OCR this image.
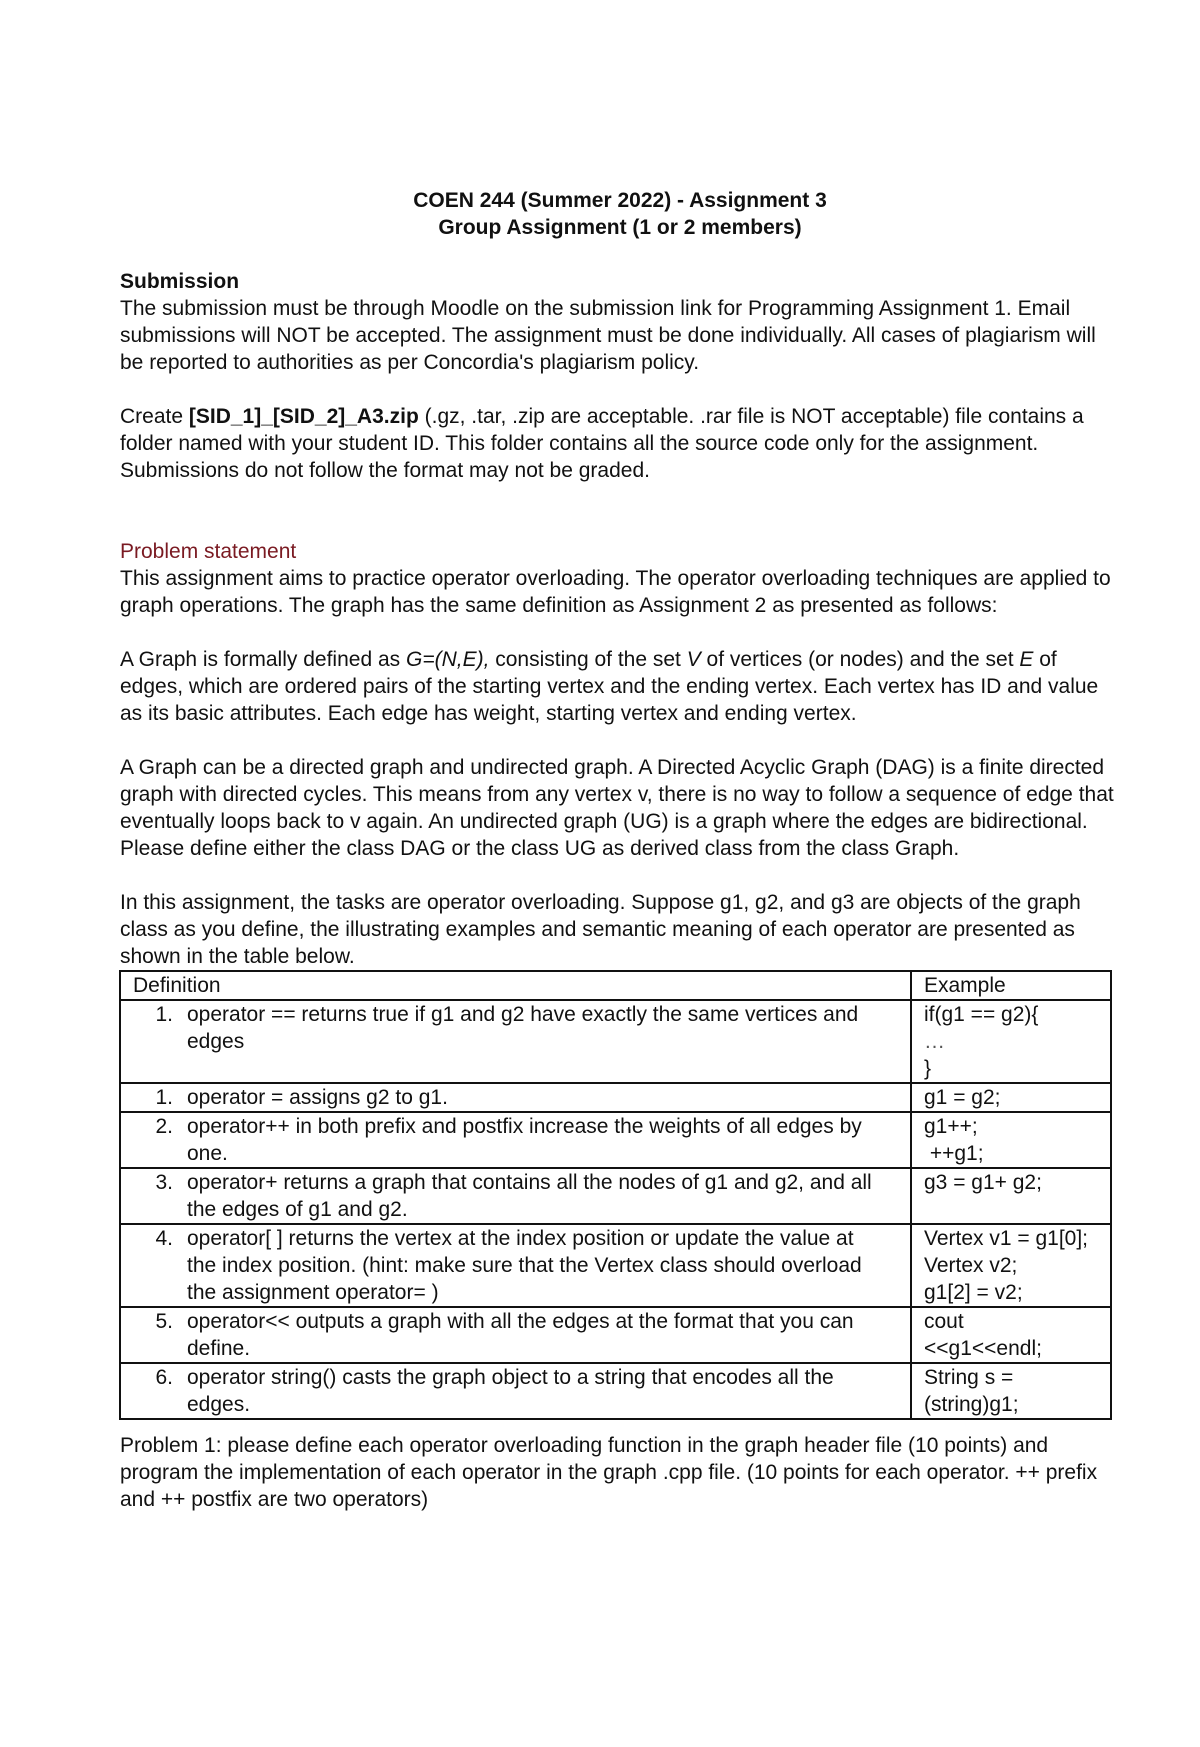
COEN 244 (Summer 2022) - Assignment 3

Group Assignment (1 or 2 members)

Submission

The submission must be through Moodle on the submission link for Programming Assignment 1. Email submissions will NOT be accepted. The assignment must be done individually. All cases of plagiarism will be reported to authorities as per Concordia's plagiarism policy.

Create [SID_1]_[SID_2]_A3.zip (.gz, .tar, .zip are acceptable. .rar file is NOT acceptable) file contains a folder named with your student ID. This folder contains all the source code only for the assignment. Submissions do not follow the format may not be graded.

Problem statement

This assignment aims to practice operator overloading. The operator overloading techniques are applied to graph operations. The graph has the same definition as Assignment 2 as presented as follows:

A Graph is formally defined as G=(N,E), consisting of the set V of vertices (or nodes) and the set E of edges, which are ordered pairs of the starting vertex and the ending vertex. Each vertex has ID and value as its basic attributes. Each edge has weight, starting vertex and ending vertex.

A Graph can be a directed graph and undirected graph. A Directed Acyclic Graph (DAG) is a finite directed graph with directed cycles. This means from any vertex v, there is no way to follow a sequence of edge that eventually loops back to v again. An undirected graph (UG) is a graph where the edges are bidirectional. Please define either the class DAG or the class UG as derived class from the class Graph.

In this assignment, the tasks are operator overloading. Suppose g1, g2, and g3 are objects of the graph class as you define, the illustrating examples and semantic meaning of each operator are presented as shown in the table below.

Definition	Example
1. operator == returns true if g1 and g2 have exactly the same vertices and edges	if(g1 == g2){
…
}

1. operator = assigns g2 to g1.	g1 = g2;

2. operator++ in both prefix and postfix increase the weights of all edges by one.	g1++;
++g1;

3. operator+ returns a graph that contains all the nodes of g1 and g2, and all the edges of g1 and g2.	g3 = g1+ g2;

4. operator[ ] returns the vertex at the index position or update the value at the index position. (hint: make sure that the Vertex class should overload the assignment operator= )	Vertex v1 = g1[0];
Vertex v2;
g1[2] = v2;

5. operator<< outputs a graph with all the edges at the format that you can define.	cout
<<g1<<endl;

6. operator string() casts the graph object to a string that encodes all the edges.	String s =
(string)g1;

Problem 1: please define each operator overloading function in the graph header file (10 points) and program the implementation of each operator in the graph .cpp file. (10 points for each operator. ++ prefix and ++ postfix are two operators)
